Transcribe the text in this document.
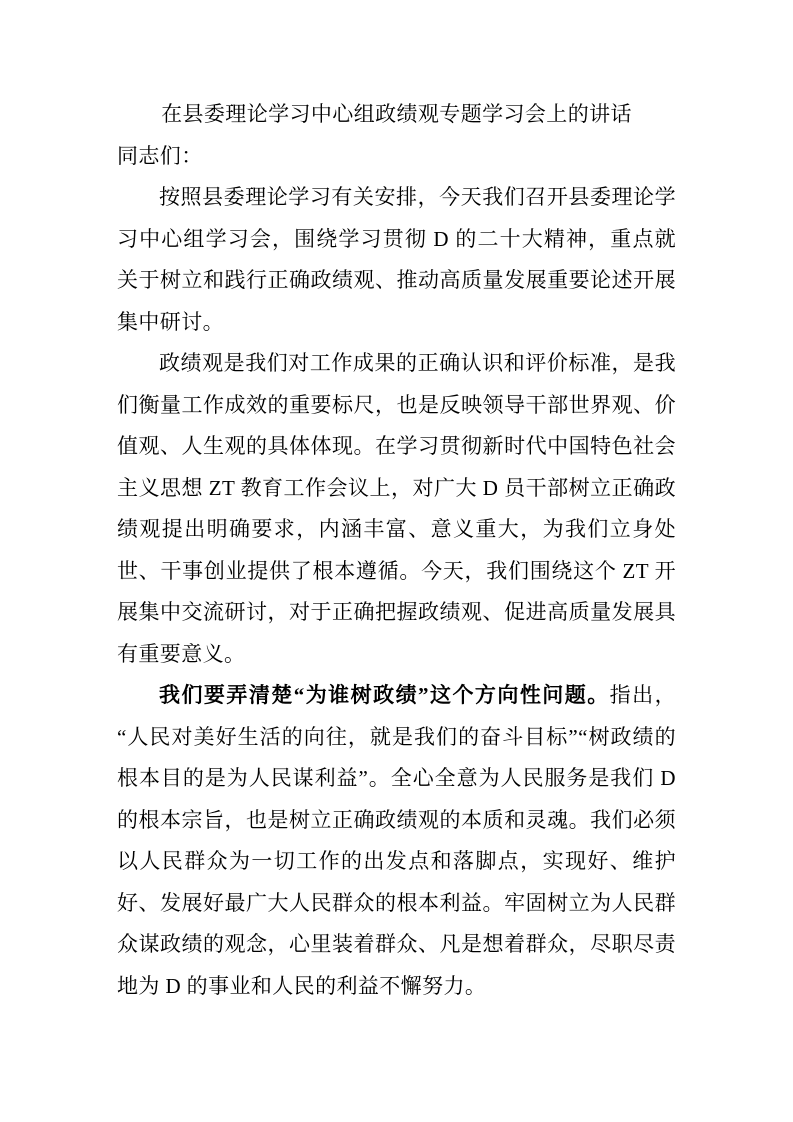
在县委理论学习中心组政绩观专题学习会上的讲话

同志们：

按照县委理论学习有关安排，今天我们召开县委理论学习中心组学习会，围绕学习贯彻 D 的二十大精神，重点就关于树立和践行正确政绩观、推动高质量发展重要论述开展集中研讨。

政绩观是我们对工作成果的正确认识和评价标准，是我们衡量工作成效的重要标尺，也是反映领导干部世界观、价值观、人生观的具体体现。在学习贯彻新时代中国特色社会主义思想 ZT 教育工作会议上，对广大 D 员干部树立正确政绩观提出明确要求，内涵丰富、意义重大，为我们立身处世、干事创业提供了根本遵循。今天，我们围绕这个 ZT 开展集中交流研讨，对于正确把握政绩观、促进高质量发展具有重要意义。

我们要弄清楚“为谁树政绩”这个方向性问题。指出，“人民对美好生活的向往，就是我们的奋斗目标”“树政绩的根本目的是为人民谋利益”。全心全意为人民服务是我们 D 的根本宗旨，也是树立正确政绩观的本质和灵魂。我们必须以人民群众为一切工作的出发点和落脚点，实现好、维护好、发展好最广大人民群众的根本利益。牢固树立为人民群众谋政绩的观念，心里装着群众、凡是想着群众，尽职尽责地为 D 的事业和人民的利益不懈努力。
